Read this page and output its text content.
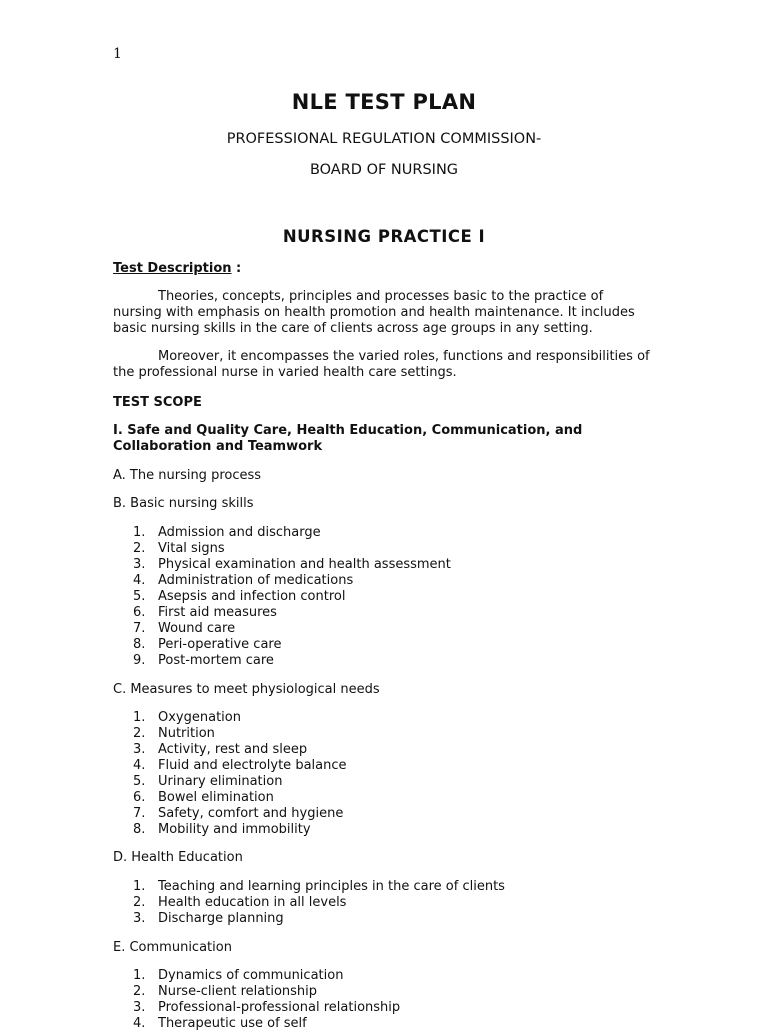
1
NLE TEST PLAN
PROFESSIONAL REGULATION COMMISSION-
BOARD OF NURSING
NURSING PRACTICE I
Test Description :
Theories, concepts, principles and processes basic to the practice of nursing with emphasis on health promotion and health maintenance. It includes basic nursing skills in the care of clients across age groups in any setting.
Moreover, it encompasses the varied roles, functions and responsibilities of the professional nurse in varied health care settings.
TEST SCOPE
I. Safe and Quality Care, Health Education, Communication, and Collaboration and Teamwork
A. The nursing process
B. Basic nursing skills
1. Admission and discharge
2. Vital signs
3. Physical examination and health assessment
4. Administration of medications
5. Asepsis and infection control
6. First aid measures
7. Wound care
8. Peri-operative care
9. Post-mortem care
C. Measures to meet physiological needs
1. Oxygenation
2. Nutrition
3. Activity, rest and sleep
4. Fluid and electrolyte balance
5. Urinary elimination
6. Bowel elimination
7. Safety, comfort and hygiene
8. Mobility and immobility
D. Health Education
1. Teaching and learning principles in the care of clients
2. Health education in all levels
3. Discharge planning
E. Communication
1. Dynamics of communication
2. Nurse-client relationship
3. Professional-professional relationship
4. Therapeutic use of self
